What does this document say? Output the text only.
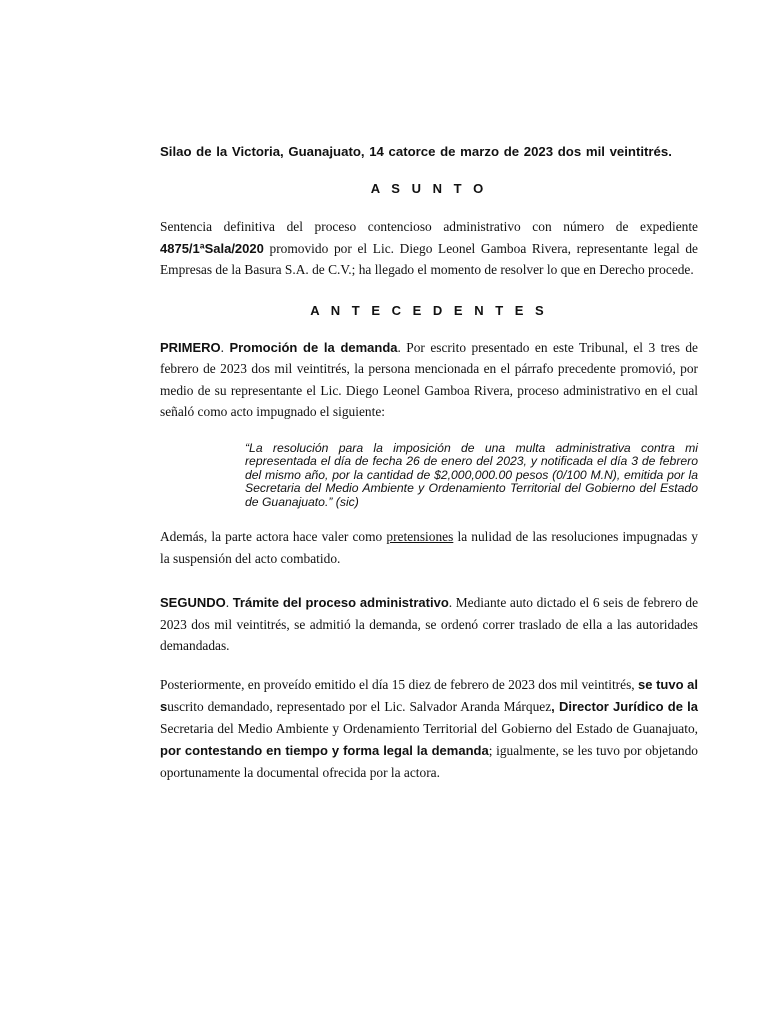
Silao de la Victoria, Guanajuato, 14 catorce de marzo de 2023 dos mil veintitrés.

A S U N T O

Sentencia definitiva del proceso contencioso administrativo con número de expediente 4875/1ªSala/2020 promovido por el Lic. Diego Leonel Gamboa Rivera, representante legal de Empresas de la Basura S.A. de C.V.; ha llegado el momento de resolver lo que en Derecho procede.

A N T E C E D E N T E S

PRIMERO. Promoción de la demanda. Por escrito presentado en este Tribunal, el 3 tres de febrero de 2023 dos mil veintitrés, la persona mencionada en el párrafo precedente promovió, por medio de su representante el Lic. Diego Leonel Gamboa Rivera, proceso administrativo en el cual señaló como acto impugnado el siguiente:

“La resolución para la imposición de una multa administrativa contra mi representada el día de fecha 26 de enero del 2023, y notificada el día 3 de febrero del mismo año, por la cantidad de $2,000,000.00 pesos (0/100 M.N), emitida por la Secretaria del Medio Ambiente y Ordenamiento Territorial del Gobierno del Estado de Guanajuato.” (sic)

Además, la parte actora hace valer como pretensiones la nulidad de las resoluciones impugnadas y la suspensión del acto combatido.

SEGUNDO. Trámite del proceso administrativo. Mediante auto dictado el 6 seis de febrero de 2023 dos mil veintitrés, se admitió la demanda, se ordenó correr traslado de ella a las autoridades demandadas.

Posteriormente, en proveído emitido el día 15 diez de febrero de 2023 dos mil veintitrés, se tuvo al suscrito demandado, representado por el Lic. Salvador Aranda Márquez, Director Jurídico de la Secretaria del Medio Ambiente y Ordenamiento Territorial del Gobierno del Estado de Guanajuato, por contestando en tiempo y forma legal la demanda; igualmente, se les tuvo por objetando oportunamente la documental ofrecida por la actora.
